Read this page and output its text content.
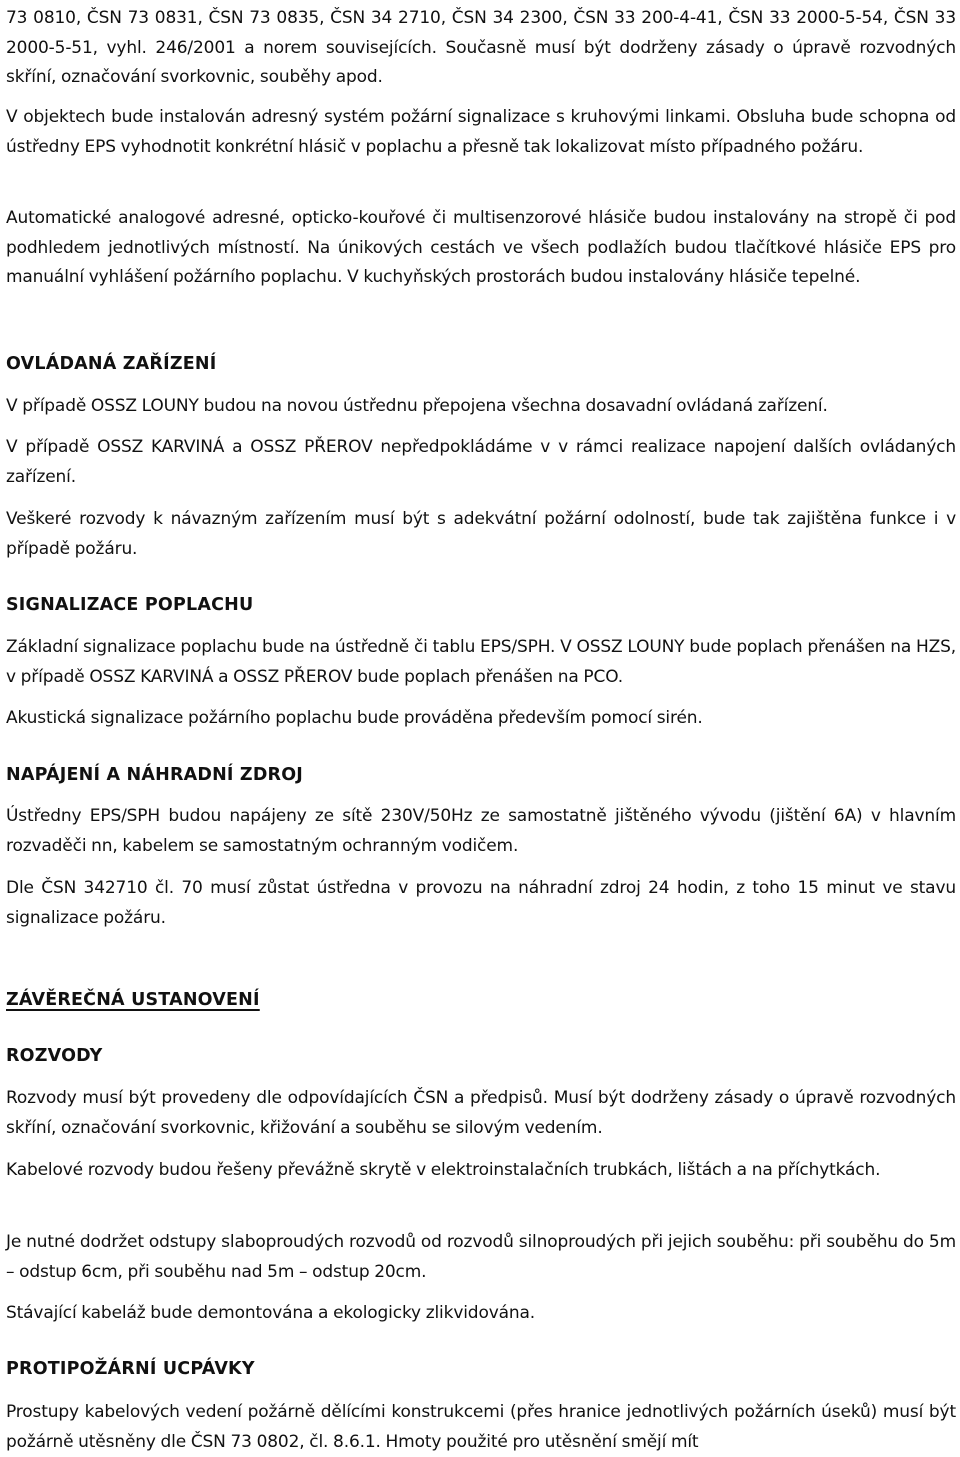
73 0810, ČSN 73 0831, ČSN 73 0835, ČSN 34 2710, ČSN 34 2300, ČSN 33 200-4-41, ČSN 33 2000-5-54, ČSN 33 2000-5-51, vyhl. 246/2001 a norem souvisejících. Současně musí být dodrženy zásady o úpravě rozvodných skříní, označování svorkovnic, souběhy apod.
V objektech bude instalován adresný systém požární signalizace s kruhovými linkami. Obsluha bude schopna od ústředny EPS vyhodnotit konkrétní hlásič v poplachu a přesně tak lokalizovat místo případného požáru.
Automatické analogové adresné, opticko-kouřové či multisenzorové hlásiče budou instalovány na stropě či pod podhledem jednotlivých místností. Na únikových cestách ve všech podlažích budou tlačítkové hlásiče EPS pro manuální vyhlášení požárního poplachu. V kuchyňských prostorách budou instalovány hlásiče tepelné.
OVLÁDANÁ ZAŘÍZENÍ
V případě OSSZ LOUNY budou na novou ústřednu přepojena všechna dosavadní ovládaná zařízení.
V případě OSSZ KARVINÁ a OSSZ PŘEROV nepředpokládáme v v rámci realizace napojení dalších ovládaných zařízení.
Veškeré rozvody k návazným zařízením musí být s adekvátní požární odolností, bude tak zajištěna funkce i v případě požáru.
SIGNALIZACE POPLACHU
Základní signalizace poplachu bude na ústředně či tablu EPS/SPH. V OSSZ LOUNY bude poplach přenášen na HZS, v případě OSSZ KARVINÁ a OSSZ PŘEROV bude poplach přenášen na PCO.
Akustická signalizace požárního poplachu bude prováděna především pomocí sirén.
NAPÁJENÍ A NÁHRADNÍ ZDROJ
Ústředny EPS/SPH budou napájeny ze sítě 230V/50Hz ze samostatně jištěného vývodu (jištění 6A) v hlavním rozvaděči nn, kabelem se samostatným ochranným vodičem.
Dle ČSN 342710 čl. 70 musí zůstat ústředna v provozu na náhradní zdroj 24 hodin, z toho 15 minut ve stavu signalizace požáru.
ZÁVĚREČNÁ USTANOVENÍ
ROZVODY
Rozvody musí být provedeny dle odpovídajících ČSN a předpisů. Musí být dodrženy zásady o úpravě rozvodných skříní, označování svorkovnic, křižování a souběhu se silovým vedením.
Kabelové rozvody budou řešeny převážně skrytě v elektroinstalačních trubkách, lištách a na příchytkách.
Je nutné dodržet odstupy slaboproudých rozvodů od rozvodů silnoproudých při jejich souběhu: při souběhu do 5m – odstup 6cm, při souběhu nad 5m – odstup 20cm.
Stávající kabeláž bude demontována a ekologicky zlikvidována.
PROTIPOŽÁRNÍ UCPÁVKY
Prostupy kabelových vedení požárně dělícími konstrukcemi (přes hranice jednotlivých požárních úseků) musí být požárně utěsněny dle ČSN 73 0802, čl. 8.6.1. Hmoty použité pro utěsnění smějí mít
